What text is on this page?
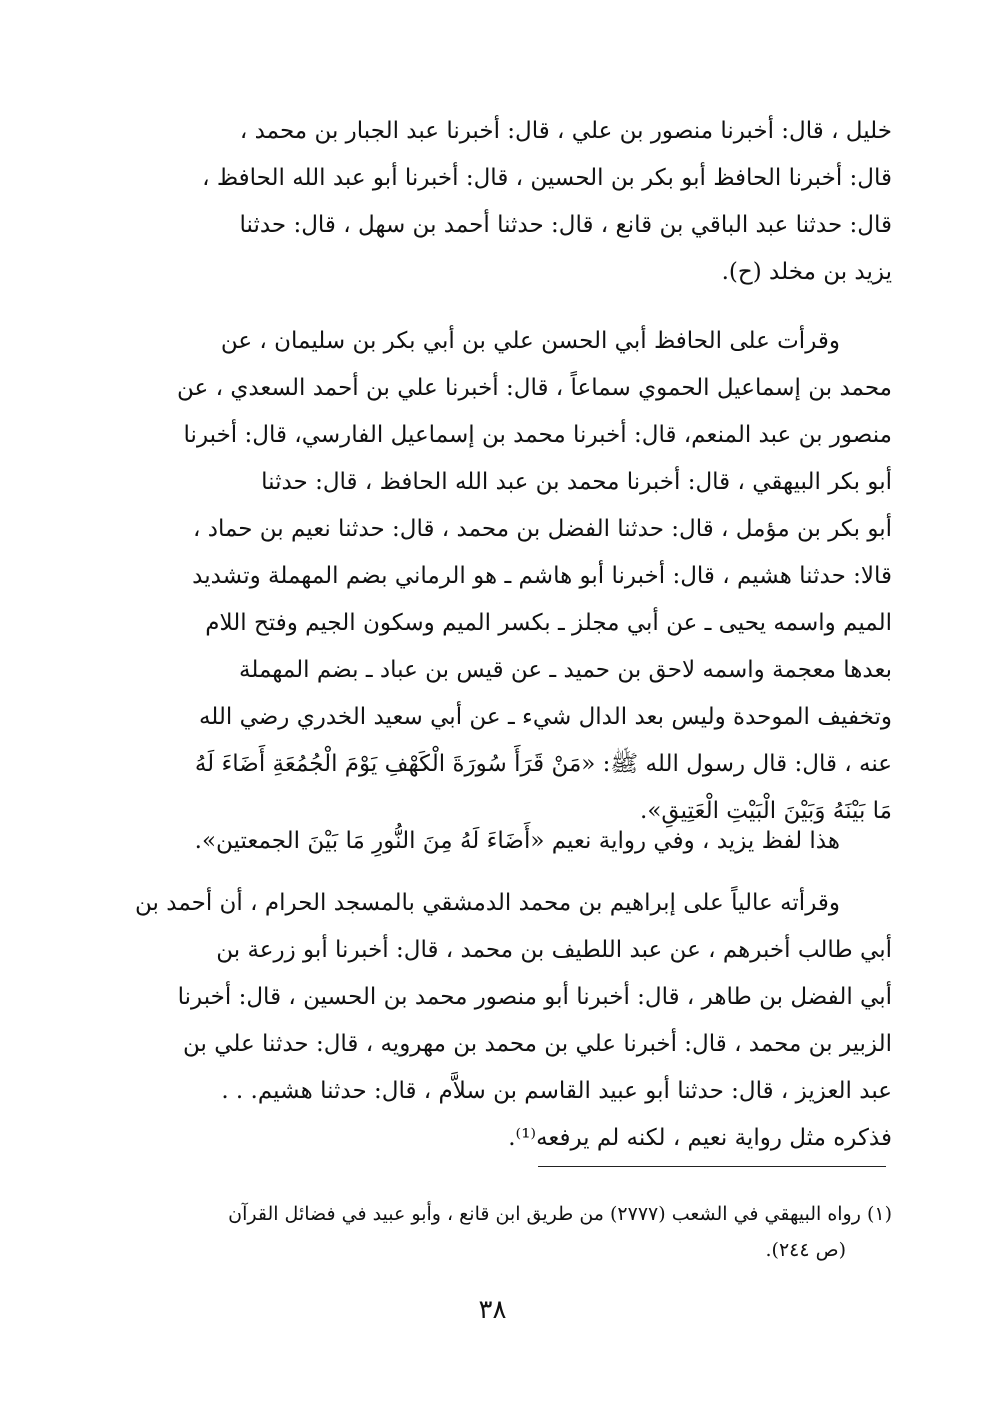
خليل ، قال: أخبرنا منصور بن علي ، قال: أخبرنا عبد الجبار بن محمد ،
قال: أخبرنا الحافظ أبو بكر بن الحسين ، قال: أخبرنا أبو عبد الله الحافظ ،
قال: حدثنا عبد الباقي بن قانع ، قال: حدثنا أحمد بن سهل ، قال: حدثنا
يزيد بن مخلد (ح).
وقرأت على الحافظ أبي الحسن علي بن أبي بكر بن سليمان ، عن
محمد بن إسماعيل الحموي سماعاً ، قال: أخبرنا علي بن أحمد السعدي ، عن
منصور بن عبد المنعم، قال: أخبرنا محمد بن إسماعيل الفارسي، قال: أخبرنا
أبو بكر البيهقي ، قال: أخبرنا محمد بن عبد الله الحافظ ، قال: حدثنا
أبو بكر بن مؤمل ، قال: حدثنا الفضل بن محمد ، قال: حدثنا نعيم بن حماد ،
قالا: حدثنا هشيم ، قال: أخبرنا أبو هاشم ـ هو الرماني بضم المهملة وتشديد
الميم واسمه يحيى ـ عن أبي مجلز ـ بكسر الميم وسكون الجيم وفتح اللام
بعدها معجمة واسمه لاحق بن حميد ـ عن قيس بن عباد ـ بضم المهملة
وتخفيف الموحدة وليس بعد الدال شيء ـ عن أبي سعيد الخدري رضي الله
عنه ، قال: قال رسول الله ﷺ: «مَنْ قَرَأَ سُورَةَ الْكَهْفِ يَوْمَ الْجُمُعَةِ أَضَاءَ لَهُ
مَا بَيْنَهُ وَبَيْنَ الْبَيْتِ الْعَتِيقِ».
هذا لفظ يزيد ، وفي رواية نعيم «أَضَاءَ لَهُ مِنَ النُّورِ مَا بَيْنَ الجمعتين».
وقرأته عالياً على إبراهيم بن محمد الدمشقي بالمسجد الحرام ، أن أحمد بن
أبي طالب أخبرهم ، عن عبد اللطيف بن محمد ، قال: أخبرنا أبو زرعة بن
أبي الفضل بن طاهر ، قال: أخبرنا أبو منصور محمد بن الحسين ، قال: أخبرنا
الزبير بن محمد ، قال: أخبرنا علي بن محمد بن مهرويه ، قال: حدثنا علي بن
عبد العزيز ، قال: حدثنا أبو عبيد القاسم بن سلاَّم ، قال: حدثنا هشيم. . .
فذكره مثل رواية نعيم ، لكنه لم يرفعه⁽¹⁾.
(١) رواه البيهقي في الشعب (٢٧٧٧) من طريق ابن قانع ، وأبو عبيد في فضائل القرآن
(ص ٢٤٤).
٣٨
